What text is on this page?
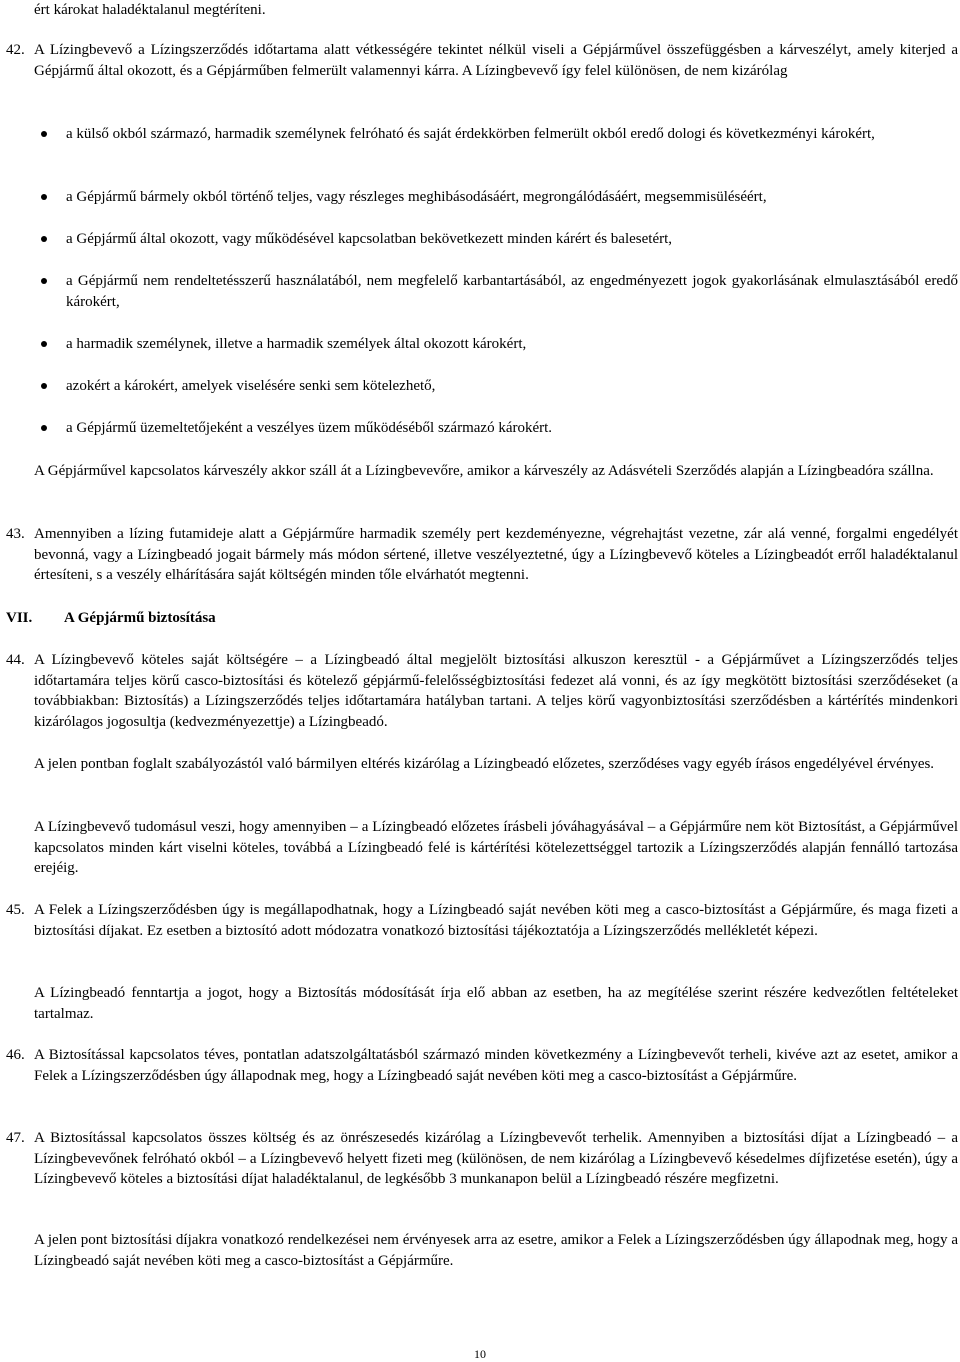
ért károkat haladéktalanul megtéríteni.

42. A Lízingbevevő a Lízingszerződés időtartama alatt vétkességére tekintet nélkül viseli a Gépjárművel összefüggésben a kárveszélyt, amely kiterjed a Gépjármű által okozott, és a Gépjárműben felmerült valamennyi kárra. A Lízingbevevő így felel különösen, de nem kizárólag
a külső okból származó, harmadik személynek felróható és saját érdekkörben felmerült okból eredő dologi és következményi károkért,
a Gépjármű bármely okból történő teljes, vagy részleges meghibásodásáért, megrongálódásáért, megsemmisüléséért,
a Gépjármű által okozott, vagy működésével kapcsolatban bekövetkezett minden kárért és balesetért,
a Gépjármű nem rendeltetésszerű használatából, nem megfelelő karbantartásából, az engedményezett jogok gyakorlásának elmulasztásából eredő károkért,
a harmadik személynek, illetve a harmadik személyek által okozott károkért,
azokért a károkért, amelyek viselésére senki sem kötelezhető,
a Gépjármű üzemeltetőjeként a veszélyes üzem működéséből származó károkért.

A Gépjárművel kapcsolatos kárveszély akkor száll át a Lízingbevevőre, amikor a kárveszély az Adásvételi Szerződés alapján a Lízingbeadóra szállna.

43. Amennyiben a lízing futamideje alatt a Gépjárműre harmadik személy pert kezdeményezne, végrehajtást vezetne, zár alá venné, forgalmi engedélyét bevonná, vagy a Lízingbeadó jogait bármely más módon sértené, illetve veszélyeztetné, úgy a Lízingbevevő köteles a Lízingbeadót erről haladéktalanul értesíteni, s a veszély elhárítására saját költségén minden tőle elvárhatót megtenni.
VII.	A Gépjármű biztosítása
44. A Lízingbevevő köteles saját költségére – a Lízingbeadó által megjelölt biztosítási alkuszon keresztül - a Gépjárművet a Lízingszerződés teljes időtartamára teljes körű casco-biztosítási és kötelező gépjármű-felelősségbiztosítási fedezet alá vonni, és az így megkötött biztosítási szerződéseket (a továbbiakban: Biztosítás) a Lízingszerződés teljes időtartamára hatályban tartani. A teljes körű vagyonbiztosítási szerződésben a kártérítés mindenkori kizárólagos jogosultja (kedvezményezettje) a Lízingbeadó.

A jelen pontban foglalt szabályozástól való bármilyen eltérés kizárólag a Lízingbeadó előzetes, szerződéses vagy egyéb írásos engedélyével érvényes.

A Lízingbevevő tudomásul veszi, hogy amennyiben – a Lízingbeadó előzetes írásbeli jóváhagyásával – a Gépjárműre nem köt Biztosítást, a Gépjárművel kapcsolatos minden kárt viselni köteles, továbbá a Lízingbeadó felé is kártérítési kötelezettséggel tartozik a Lízingszerződés alapján fennálló tartozása erejéig.

45. A Felek a Lízingszerződésben úgy is megállapodhatnak, hogy a Lízingbeadó saját nevében köti meg a casco-biztosítást a Gépjárműre, és maga fizeti a biztosítási díjakat. Ez esetben a biztosító adott módozatra vonatkozó biztosítási tájékoztatója a Lízingszerződés mellékletét képezi.

A Lízingbeadó fenntartja a jogot, hogy a Biztosítás módosítását írja elő abban az esetben, ha az megítélése szerint részére kedvezőtlen feltételeket tartalmaz.

46. A Biztosítással kapcsolatos téves, pontatlan adatszolgáltatásból származó minden következmény a Lízingbevevőt terheli, kivéve azt az esetet, amikor a Felek a Lízingszerződésben úgy állapodnak meg, hogy a Lízingbeadó saját nevében köti meg a casco-biztosítást a Gépjárműre.
47. A Biztosítással kapcsolatos összes költség és az önrészesedés kizárólag a Lízingbevevőt terhelik. Amennyiben a biztosítási díjat a Lízingbeadó – a Lízingbevevőnek felróható okból – a Lízingbevevő helyett fizeti meg (különösen, de nem kizárólag a Lízingbevevő késedelmes díjfizetése esetén), úgy a Lízingbevevő köteles a biztosítási díjat haladéktalanul, de legkésőbb 3 munkanapon belül a Lízingbeadó részére megfizetni.

A jelen pont biztosítási díjakra vonatkozó rendelkezései nem érvényesek arra az esetre, amikor a Felek a Lízingszerződésben úgy állapodnak meg, hogy a Lízingbeadó saját nevében köti meg a casco-biztosítást a Gépjárműre.

10
